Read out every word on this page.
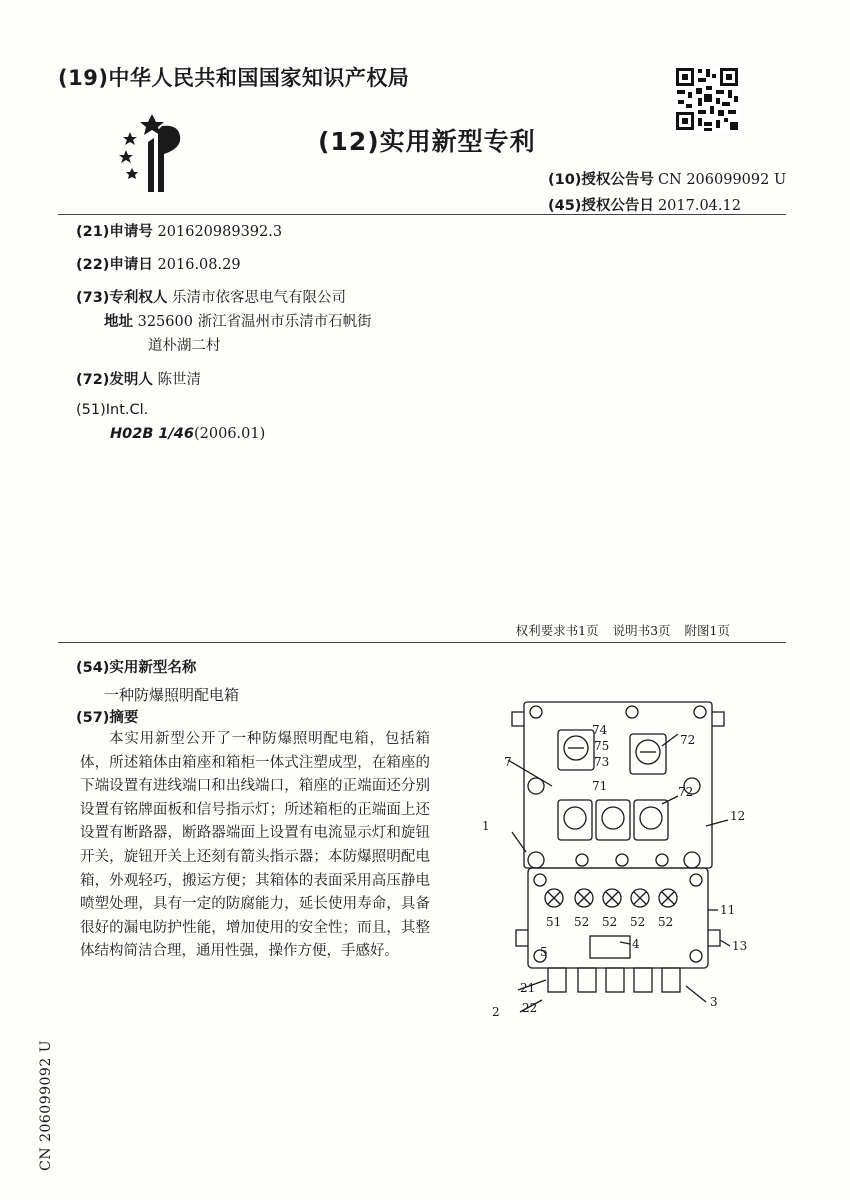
(19)中华人民共和国国家知识产权局
(12)实用新型专利
(10)授权公告号 CN 206099092 U
(45)授权公告日 2017.04.12
(21)申请号 201620989392.3
(22)申请日 2016.08.29
(73)专利权人 乐清市依客思电气有限公司
地址 325600 浙江省温州市乐清市石帆街
道朴湖二村
(72)发明人 陈世清
(51)Int.Cl.
H02B 1/46(2006.01)
权利要求书1页 说明书3页 附图1页
(54)实用新型名称
一种防爆照明配电箱
(57)摘要
本实用新型公开了一种防爆照明配电箱，包括箱体，所述箱体由箱座和箱柜一体式注塑成型，在箱座的下端设置有进线端口和出线端口，箱座的正端面还分别设置有铭牌面板和信号指示灯；所述箱柜的正端面上还设置有断路器，断路器端面上设置有电流显示灯和旋钮开关，旋钮开关上还刻有箭头指示器；本防爆照明配电箱，外观轻巧，搬运方便；其箱体的表面采用高压静电喷塑处理，具有一定的防腐能力，延长使用寿命，具备很好的漏电防护性能，增加使用的安全性；而且，其整体结构简洁合理，通用性强，操作方便，手感好。
CN 206099092 U
74
75
73
71
72
72
7
12
1
11
51 52 52 52 52
4
5	13
21
2 22	3
